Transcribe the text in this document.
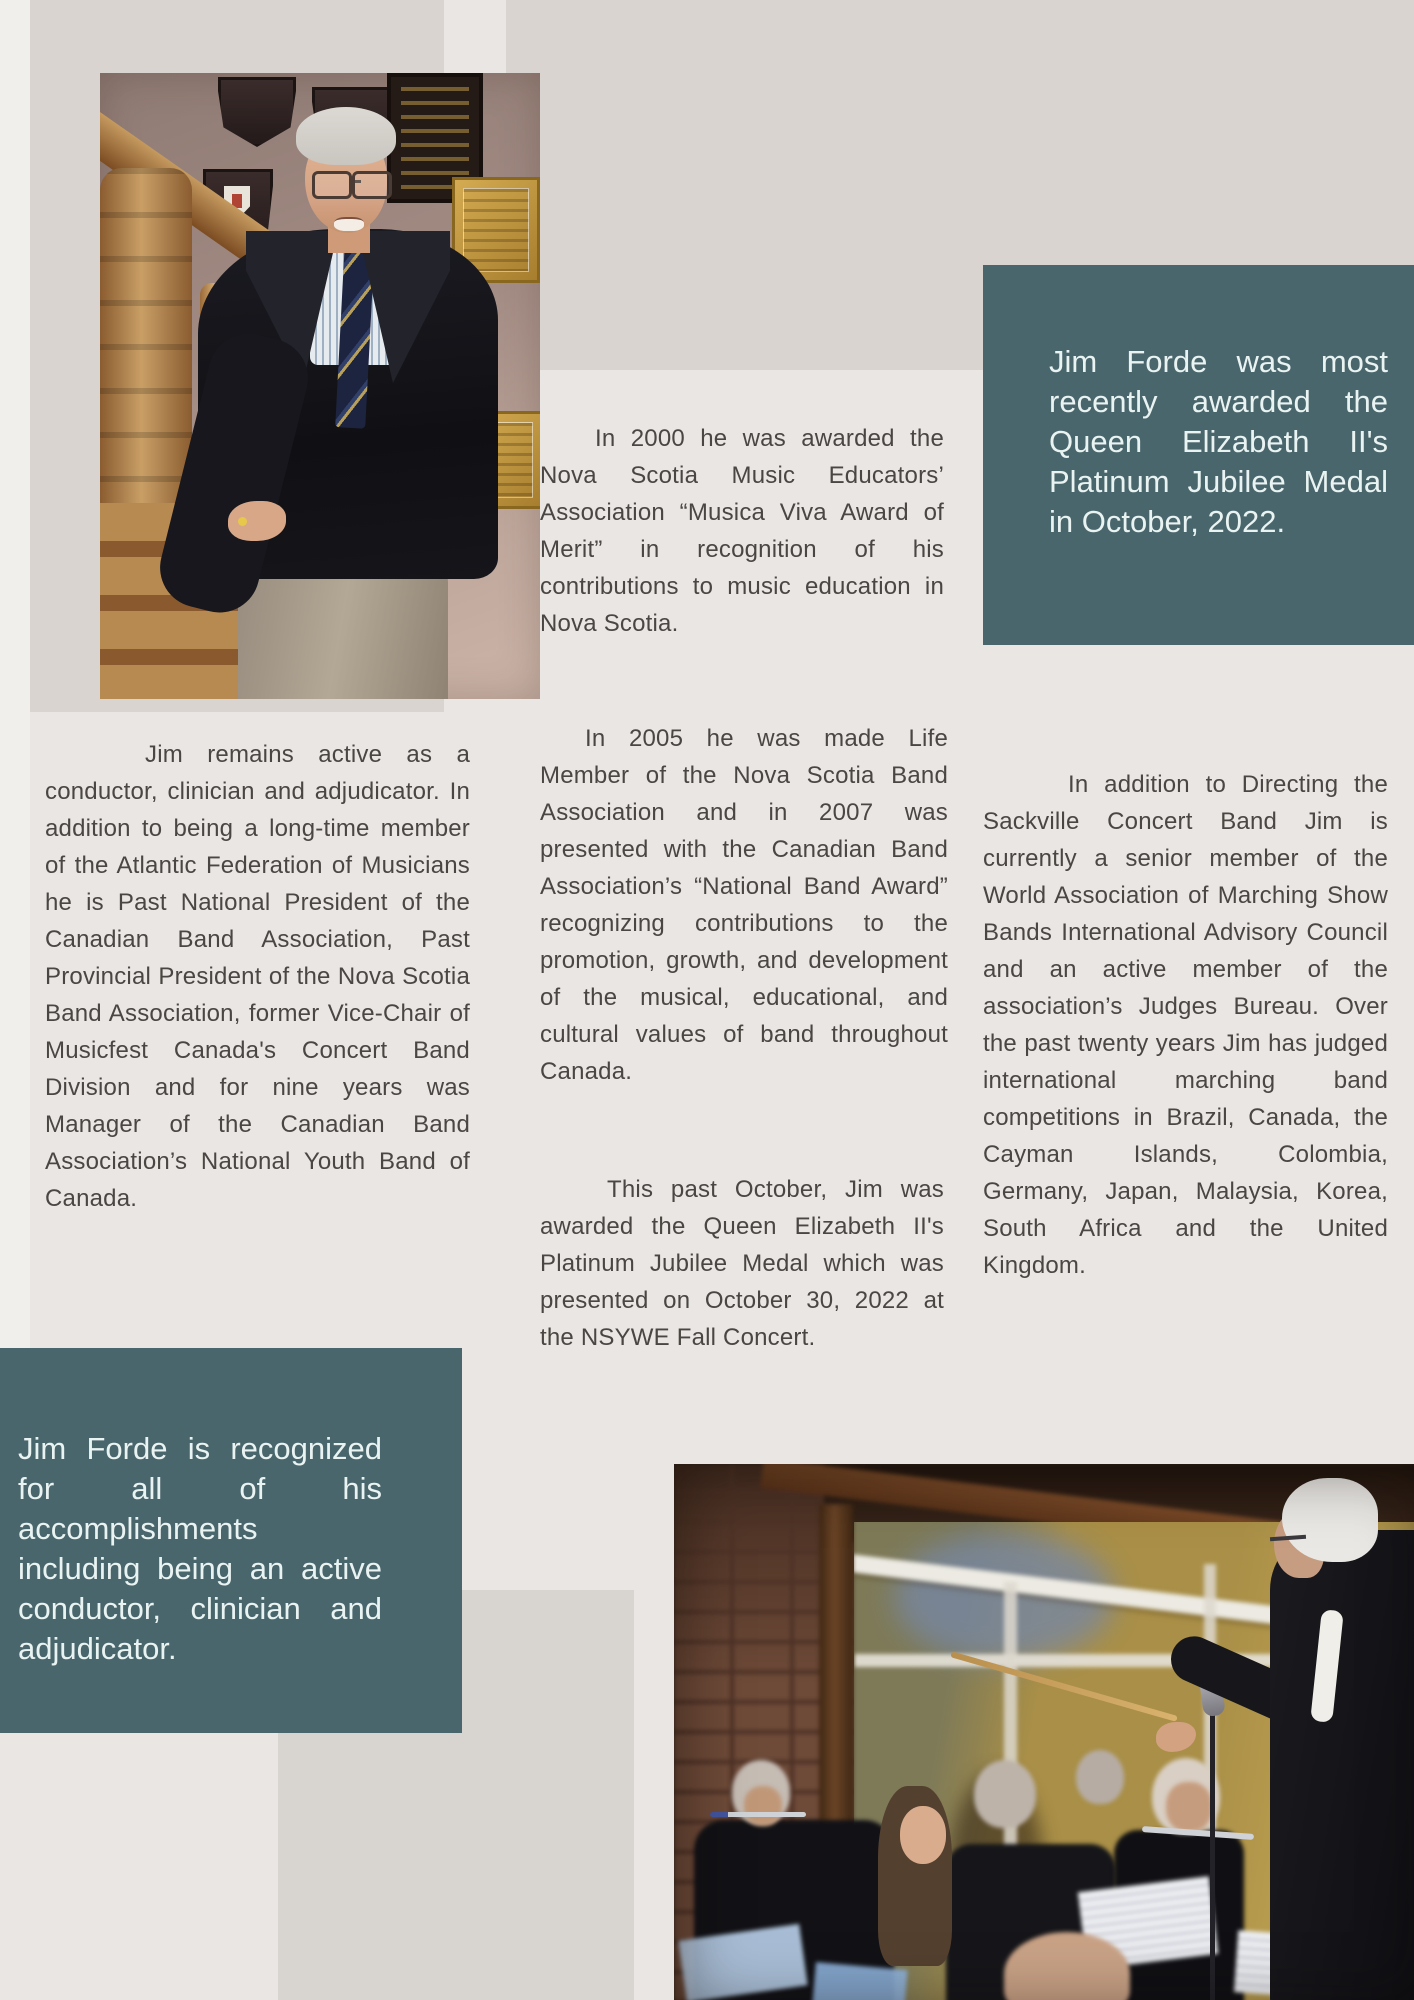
Jim Forde was most recently awarded the Queen Elizabeth II's Platinum Jubilee Medal in October, 2022.

In 2000 he was awarded the Nova Scotia Music Educators’ Association “Musica Viva Award of Merit” in recognition of his contributions to music education in Nova Scotia.

Jim remains active as a conductor, clinician and adjudicator. In addition to being a long-time member of the Atlantic Federation of Musicians he is Past National President of the Canadian Band Association, Past Provincial President of the Nova Scotia Band Association, former Vice-Chair of Musicfest Canada's Concert Band Division and for nine years was Manager of the Canadian Band Association’s National Youth Band of Canada.

In 2005 he was made Life Member of the Nova Scotia Band Association and in 2007 was presented with the Canadian Band Association’s “National Band Award” recognizing contributions to the promotion, growth, and development of the musical, educational, and cultural values of band throughout Canada.

In addition to Directing the Sackville Concert Band Jim is currently a senior member of the World Association of Marching Show Bands International Advisory Council and an active member of the association’s Judges Bureau. Over the past twenty years Jim has judged international marching band competitions in Brazil, Canada, the Cayman Islands, Colombia, Germany, Japan, Malaysia, Korea, South Africa and the United Kingdom.

This past October, Jim was awarded the Queen Elizabeth II's Platinum Jubilee Medal which was presented on October 30, 2022 at the NSYWE Fall Concert.

Jim Forde is recognized for all of his accomplishments including being an active conductor, clinician and adjudicator.
